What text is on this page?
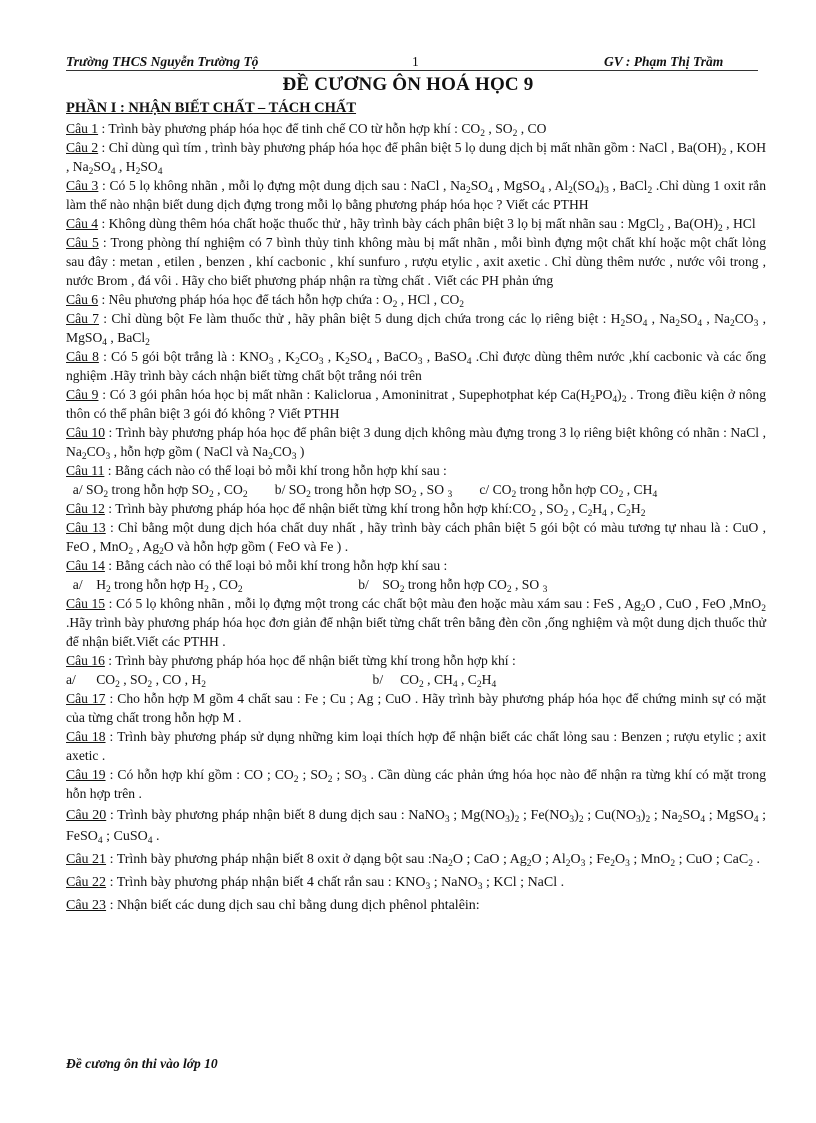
Trường THCS Nguyễn Trường Tộ	1	GV : Phạm Thị Trầm
ĐỀ CƯƠNG ÔN HOÁ HỌC 9
PHẦN I : NHẬN BIẾT CHẤT – TÁCH CHẤT

Câu 1 : Trình bày phương pháp hóa học để tinh chế CO từ hỗn hợp khí : $CO_2$ , $SO_2$ , CO

Câu 2 : Chỉ dùng quì tím , trình bày phương pháp hóa học để phân biệt 5 lọ dung dịch bị mất nhãn gồm : NaCl , $Ba(OH)_2$ , KOH , $Na_2SO_4$ , $H_2SO_4$

Câu 3 : Có 5 lọ không nhãn , mỗi lọ đựng một dung dịch sau : NaCl , $Na_2SO_4$ , MgSO$_4$ , $Al_2(SO_4)_3$ , BaCl$_2$ .Chỉ dùng 1 oxit rắn làm thế nào nhận biết dung dịch đựng trong mỗi lọ bằng phương pháp hóa học ? Viết các PTHH

Câu 4 : Không dùng thêm hóa chất hoặc thuốc thử , hãy trình bày cách phân biệt 3 lọ bị mất nhãn sau : MgCl$_2$ , $Ba(OH)_2$ , HCl

Câu 5 : Trong phòng thí nghiệm có 7 bình thủy tinh không màu bị mất nhãn , mỗi bình đựng một chất khí hoặc một chất lỏng sau đây : metan , etilen , benzen , khí cacbonic , khí sunfuro , rượu etylic , axit axetic . Chỉ dùng thêm nước , nước vôi trong , nước Brom , đá vôi . Hãy cho biết phương pháp nhận ra từng chất . Viết các PH phản ứng

Câu 6 : Nêu phương pháp hóa học để tách hỗn hợp chứa : $O_2$ , HCl , $CO_2$

Câu 7 : Chỉ dùng bột Fe làm thuốc thử , hãy phân biệt 5 dung dịch chứa trong các lọ riêng biệt : $H_2SO_4$ , $Na_2SO_4$ , $Na_2CO_3$ , MgSO$_4$ , BaCl$_2$

Câu 8 : Có 5 gói bột trắng là : $KNO_3$ , $K_2CO_3$ , $K_2SO_4$ , BaCO$_3$ , BaSO$_4$ .Chỉ được dùng thêm nước ,khí cacbonic và các ống nghiệm .Hãy trình bày cách nhận biết từng chất bột trắng nói trên

Câu 9 : Có 3 gói phân hóa học bị mất nhãn : Kaliclorua , Amoninitrat , Supephotphat kép $Ca(H_2PO_4)_2$ . Trong điều kiện ở nông thôn có thể phân biệt 3 gói đó không ? Viết PTHH

Câu 10 : Trình bày phương pháp hóa học để phân biệt 3 dung dịch không màu đựng trong 3 lọ riêng biệt không có nhãn : NaCl , $Na_2CO_3$ , hỗn hợp gồm ( NaCl và $Na_2CO_3$ )

Câu 11 : Bằng cách nào có thể loại bỏ mỗi khí trong hỗn hợp khí sau :

a/ $SO_2$ trong hỗn hợp $SO_2$ , $CO_2$        b/ $SO_2$ trong hỗn hợp $SO_2$ , SO $_3$        c/ $CO_2$ trong hỗn hợp $CO_2$ , $CH_4$

Câu 12 : Trình bày phương pháp hóa học để nhận biết từng khí trong hỗn hợp $khí:CO_2$ , $SO_2$ , $C_2H_4$ , $C_2H_2$

Câu 13 : Chỉ bằng một dung dịch hóa chất duy nhất , hãy trình bày cách phân biệt 5 gói bột có màu tương tự nhau là : CuO , FeO , MnO$_2$ , $Ag_2O$ và hỗn hợp gồm ( FeO và Fe ) .

Câu 14 : Bằng cách nào có thể loại bỏ mỗi khí trong hỗn hợp khí sau :

a/    $H_2$ trong hỗn hợp $H_2$ , $CO_2$                                  b/    $SO_2$ trong hỗn hợp $CO_2$ , SO $_3$

Câu 15 : Có 5 lọ không nhãn , mỗi lọ đựng một trong các chất bột màu đen hoặc màu xám sau : FeS , $Ag_2O$ , CuO , FeO ,MnO$_2$ .Hãy trình bày phương pháp hóa học đơn giản để nhận biết từng chất trên bằng đèn cồn ,ống nghiệm và một dung dịch thuốc thử để nhận biết.Viết các PTHH .

Câu 16 : Trình bày phương pháp hóa học để nhận biết từng khí trong hỗn hợp khí :

a/      $CO_2$ , $SO_2$ , CO , $H_2$                                                 b/     $CO_2$ , $CH_4$ , $C_2H_4$

Câu 17 : Cho hỗn hợp M gồm 4 chất sau : Fe ; Cu ; Ag ; CuO . Hãy trình bày phương pháp hóa học để chứng minh sự có mặt của từng chất trong hỗn hợp M .

Câu 18 : Trình bày phương pháp sử dụng những kim loại thích hợp để nhận biết các chất lỏng sau : Benzen ; rượu etylic ; axit axetic .

Câu 19 : Có hỗn hợp khí gồm : CO ; $CO_2$ ; $SO_2$ ; $SO_3$ . Cần dùng các phản ứng hóa học nào để nhận ra từng khí có mặt trong hỗn hợp trên .

Câu 20 : Trình bày phương pháp nhận biết 8 dung dịch sau : NaNO$_3$ ; $Mg(NO_3)_2$ ; $Fe(NO_3)_2$ ; $Cu(NO_3)_2$ ; $Na_2SO_4$ ; MgSO$_4$ ; FeSO$_4$ ; CuSO$_4$ .

Câu 21 : Trình bày phương pháp nhận biết 8 oxit ở dạng bột sau $:Na_2O$ ; CaO ; $Ag_2O$ ; $Al_2O_3$ ; $Fe_2O_3$ ; MnO$_2$ ; CuO ; CaC$_2$ .

Câu 22 : Trình bày phương pháp nhận biết 4 chất rắn sau : $KNO_3$ ; NaNO$_3$ ; KCl ; NaCl .

Câu 23 : Nhận biết các dung dịch sau chỉ bằng dung dịch phênol phtalêin:

Đề cương ôn thi vào lớp 10
